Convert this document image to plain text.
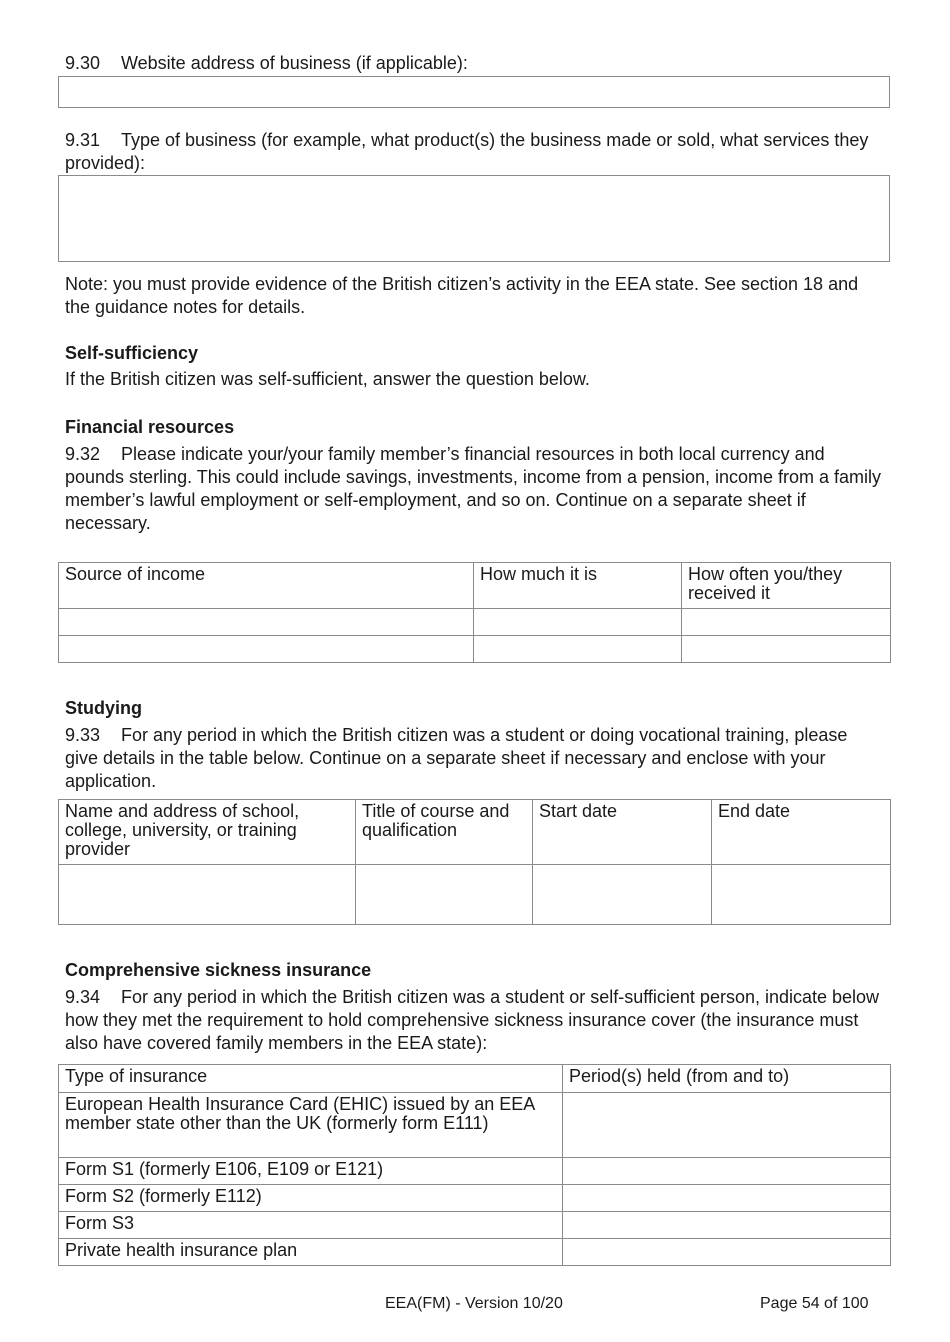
9.30 Website address of business (if applicable):
9.31 Type of business (for example, what product(s) the business made or sold, what services they provided):
Note: you must provide evidence of the British citizen’s activity in the EEA state. See section 18 and the guidance notes for details.
Self-sufficiency
If the British citizen was self-sufficient, answer the question below.
Financial resources
9.32 Please indicate your/your family member’s financial resources in both local currency and pounds sterling. This could include savings, investments, income from a pension, income from a family member’s lawful employment or self-employment, and so on. Continue on a separate sheet if necessary.
Source of income	How much it is	How often you/they received it

Studying
9.33 For any period in which the British citizen was a student or doing vocational training, please give details in the table below. Continue on a separate sheet if necessary and enclose with your application.
Name and address of school, college, university, or training provider	Title of course and qualification	Start date	End date

Comprehensive sickness insurance
9.34 For any period in which the British citizen was a student or self-sufficient person, indicate below how they met the requirement to hold comprehensive sickness insurance cover (the insurance must also have covered family members in the EEA state):
Type of insurance	Period(s) held (from and to)
European Health Insurance Card (EHIC) issued by an EEA member state other than the UK (formerly form E111)	
Form S1 (formerly E106, E109 or E121)	
Form S2 (formerly E112)	
Form S3	
Private health insurance plan	
EEA(FM) - Version 10/20	Page 54 of 100
